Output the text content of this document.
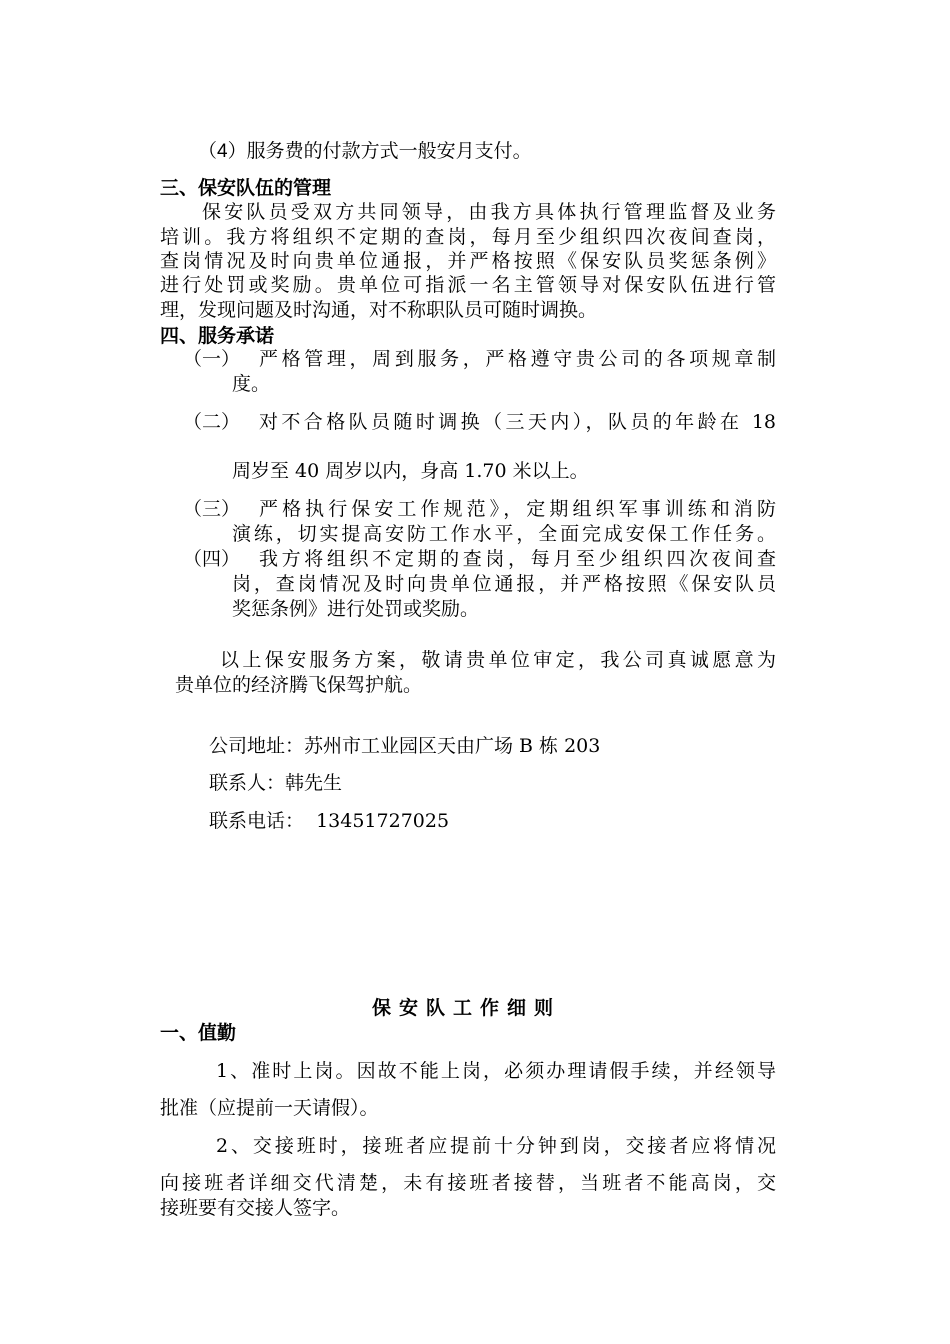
（4）服务费的付款方式一般安月支付。
三、保安队伍的管理
保安队员受双方共同领导，由我方具体执行管理监督及业务
培训。我方将组织不定期的查岗，每月至少组织四次夜间查岗，
查岗情况及时向贵单位通报，并严格按照《保安队员奖惩条例》
进行处罚或奖励。贵单位可指派一名主管领导对保安队伍进行管
理，发现问题及时沟通，对不称职队员可随时调换。
四、服务承诺
（一） 严格管理，周到服务，严格遵守贵公司的各项规章制
度。
（二） 对不合格队员随时调换（三天内），队员的年龄在 18
周岁至 40 周岁以内，身高 1.70 米以上。
（三） 严格执行保安工作规范》，定期组织军事训练和消防
演练，切实提高安防工作水平，全面完成安保工作任务。
（四） 我方将组织不定期的查岗，每月至少组织四次夜间查
岗，查岗情况及时向贵单位通报，并严格按照《保安队员
奖惩条例》进行处罚或奖励。
以上保安服务方案，敬请贵单位审定，我公司真诚愿意为
贵单位的经济腾飞保驾护航。
公司地址：苏州市工业园区天由广场 B 栋 203
联系人：韩先生
联系电话：  13451727025
保安队工作细则
一、值勤
1、准时上岗。因故不能上岗，必须办理请假手续，并经领导
批准（应提前一天请假）。
2、交接班时，接班者应提前十分钟到岗，交接者应将情况
向接班者详细交代清楚，未有接班者接替，当班者不能高岗，交
接班要有交接人签字。
